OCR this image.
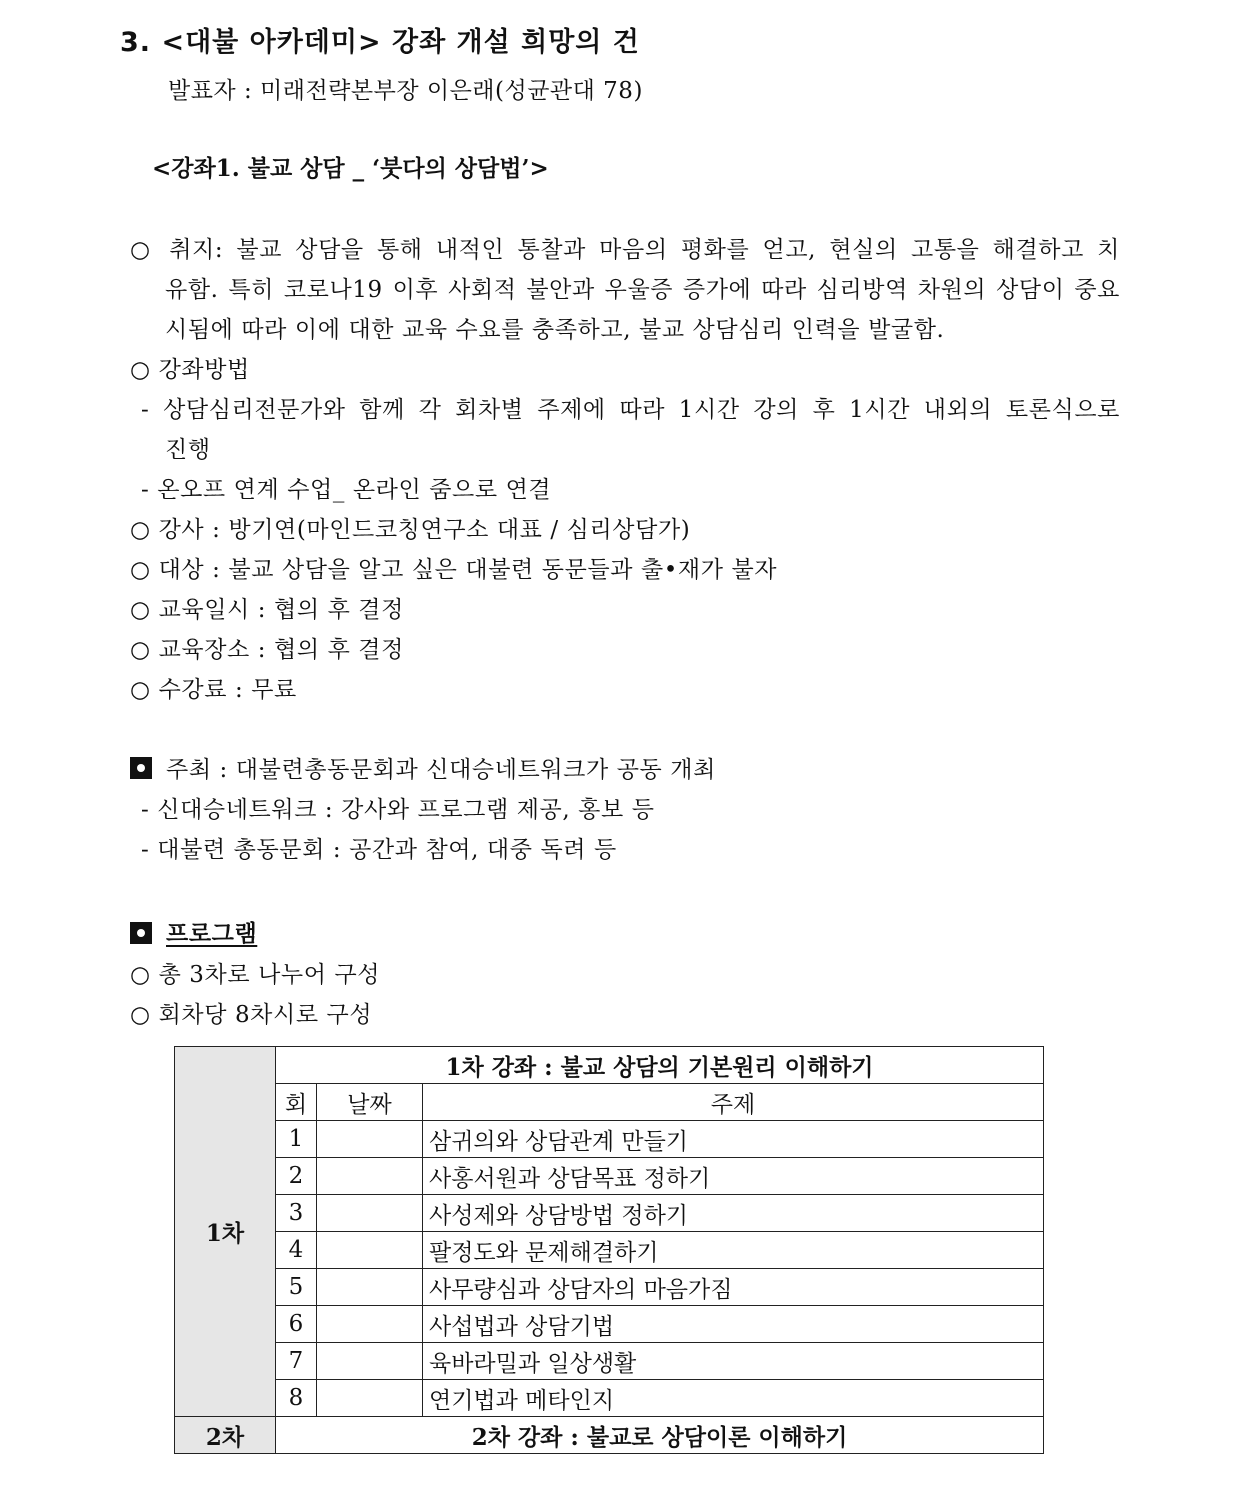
3. <대불 아카데미> 강좌 개설 희망의 건
발표자 : 미래전략본부장 이은래(성균관대 78)
<강좌1. 불교 상담 _ ‘붓다의 상담법’>
○ 취지: 불교 상담을 통해 내적인 통찰과 마음의 평화를 얻고, 현실의 고통을 해결하고 치
유함. 특히 코로나19 이후 사회적 불안과 우울증 증가에 따라 심리방역 차원의 상담이 중요
시됨에 따라 이에 대한 교육 수요를 충족하고, 불교 상담심리 인력을 발굴함.
○ 강좌방법
- 상담심리전문가와 함께 각 회차별 주제에 따라 1시간 강의 후 1시간 내외의 토론식으로
진행
- 온오프 연계 수업_ 온라인 줌으로 연결
○ 강사 : 방기연(마인드코칭연구소 대표 / 심리상담가)
○ 대상 : 불교 상담을 알고 싶은 대불련 동문들과 출•재가 불자
○ 교육일시 : 협의 후 결정
○ 교육장소 : 협의 후 결정
○ 수강료 : 무료
주최 : 대불련총동문회과 신대승네트워크가 공동 개최
- 신대승네트워크 : 강사와 프로그램 제공, 홍보 등
- 대불련 총동문회 : 공간과 참여, 대중 독려 등
프로그램
○ 총 3차로 나누어 구성
○ 회차당 8차시로 구성
1차	1차 강좌 : 불교 상담의 기본원리 이해하기		
	회	날짜	주제
	1		삼귀의와 상담관계 만들기
	2		사홍서원과 상담목표 정하기
	3		사성제와 상담방법 정하기
	4		팔정도와 문제해결하기
	5		사무량심과 상담자의 마음가짐
	6		사섭법과 상담기법
	7		육바라밀과 일상생활
	8		연기법과 메타인지
2차	2차 강좌 : 불교로 상담이론 이해하기		
